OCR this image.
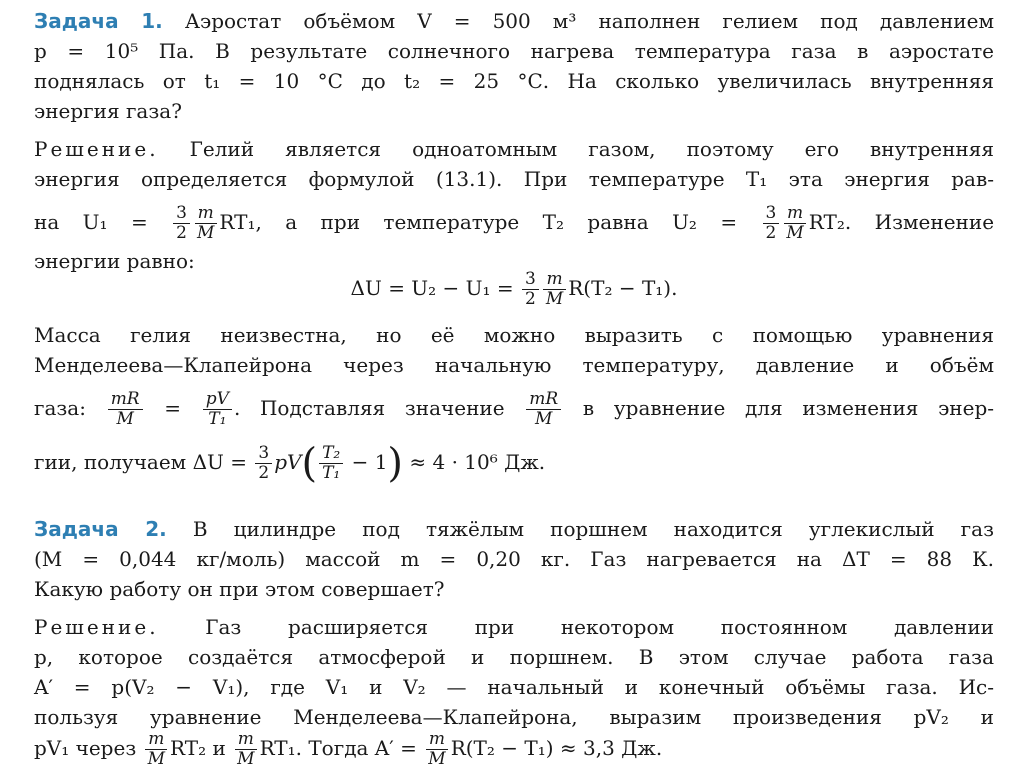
Задача 1. Аэростат объёмом V = 500 м³ наполнен гелием под давлением
p = 10⁵ Па. В результате солнечного нагрева температура газа в аэростате
поднялась от t₁ = 10 °С до t₂ = 25 °С. На сколько увеличилась внутренняя
энергия газа?
Решение. Гелий является одноатомным газом, поэтому его внутренняя
энергия определяется формулой (13.1). При температуре T₁ эта энергия рав-
на $U_1 = \frac{3}{2} \frac{m}{M} RT_1$, а при температуре T₂ равна $U_2 = \frac{3}{2} \frac{m}{M} RT_2$. Изменение
энергии равно:
$\Delta U = U_2 - U_1 = \frac{3}{2} \frac{m}{M} R(T_2 - T_1)$.
Масса гелия неизвестна, но её можно выразить с помощью уравнения
Менделеева—Клапейрона через начальную температуру, давление и объём
газа: $\frac{mR}{M} = \frac{pV}{\text{T₁}}$ . Подставляя значение $\frac{mR}{M}$ в уравнение для изменения энер-
гии, получаем $\Delta U = \frac{3}{2} pV( \frac{\text{T₂}}{\text{T₁}} - 1) \approx 4 \cdot 10^6$ Дж.
Задача 2. В цилиндре под тяжёлым поршнем находится углекислый газ
(M = 0,044 кг/моль) массой m = 0,20 кг. Газ нагревается на ΔT = 88 К.
Какую работу он при этом совершает?
Решение. Газ расширяется при некотором постоянном давлении
p, которое создаётся атмосферой и поршнем. В этом случае работа газа
A′ = p(V₂ − V₁), где V₁ и V₂ — начальный и конечный объёмы газа. Ис-
пользуя уравнение Менделеева—Клапейрона, выразим произведения pV₂ и
pV₁ через $\frac{m}{M} RT_2$ и $\frac{m}{M} RT_1$. Тогда $A' = \frac{m}{M} R(T_2 - T_1) \approx 3,3$ Дж.
